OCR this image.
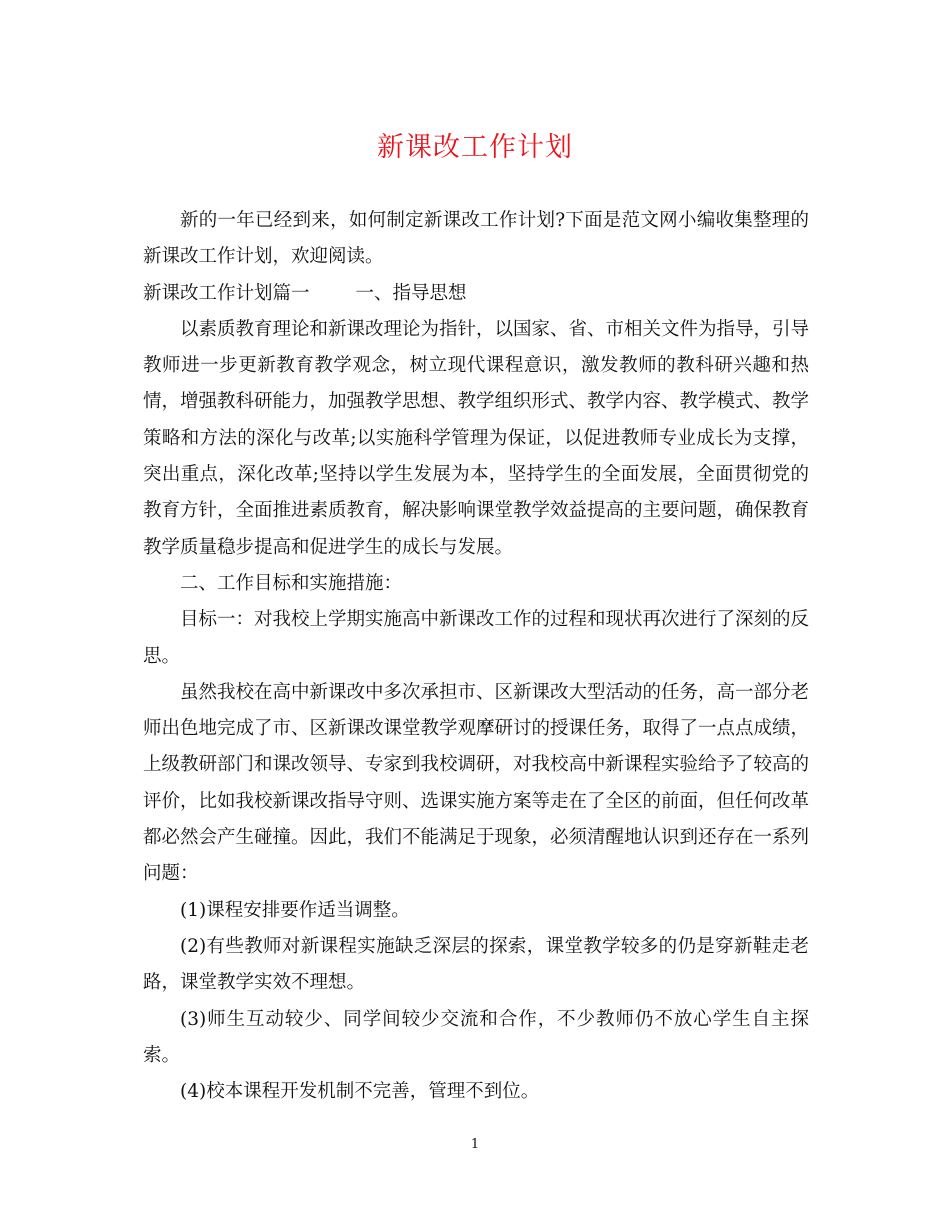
新课改工作计划

新的一年已经到来，如何制定新课改工作计划?下面是范文网小编收集整理的新课改工作计划，欢迎阅读。

新课改工作计划篇一 一、指导思想

以素质教育理论和新课改理论为指针，以国家、省、市相关文件为指导，引导教师进一步更新教育教学观念，树立现代课程意识，激发教师的教科研兴趣和热情，增强教科研能力，加强教学思想、教学组织形式、教学内容、教学模式、教学策略和方法的深化与改革;以实施科学管理为保证，以促进教师专业成长为支撑，突出重点，深化改革;坚持以学生发展为本，坚持学生的全面发展，全面贯彻党的教育方针，全面推进素质教育，解决影响课堂教学效益提高的主要问题，确保教育教学质量稳步提高和促进学生的成长与发展。

二、工作目标和实施措施：

目标一：对我校上学期实施高中新课改工作的过程和现状再次进行了深刻的反思。

虽然我校在高中新课改中多次承担市、区新课改大型活动的任务，高一部分老师出色地完成了市、区新课改课堂教学观摩研讨的授课任务，取得了一点点成绩，上级教研部门和课改领导、专家到我校调研，对我校高中新课程实验给予了较高的评价，比如我校新课改指导守则、选课实施方案等走在了全区的前面，但任何改革都必然会产生碰撞。因此，我们不能满足于现象，必须清醒地认识到还存在一系列问题：

(1)课程安排要作适当调整。

(2)有些教师对新课程实施缺乏深层的探索，课堂教学较多的仍是穿新鞋走老路，课堂教学实效不理想。

(3)师生互动较少、同学间较少交流和合作，不少教师仍不放心学生自主探索。

(4)校本课程开发机制不完善，管理不到位。

1
